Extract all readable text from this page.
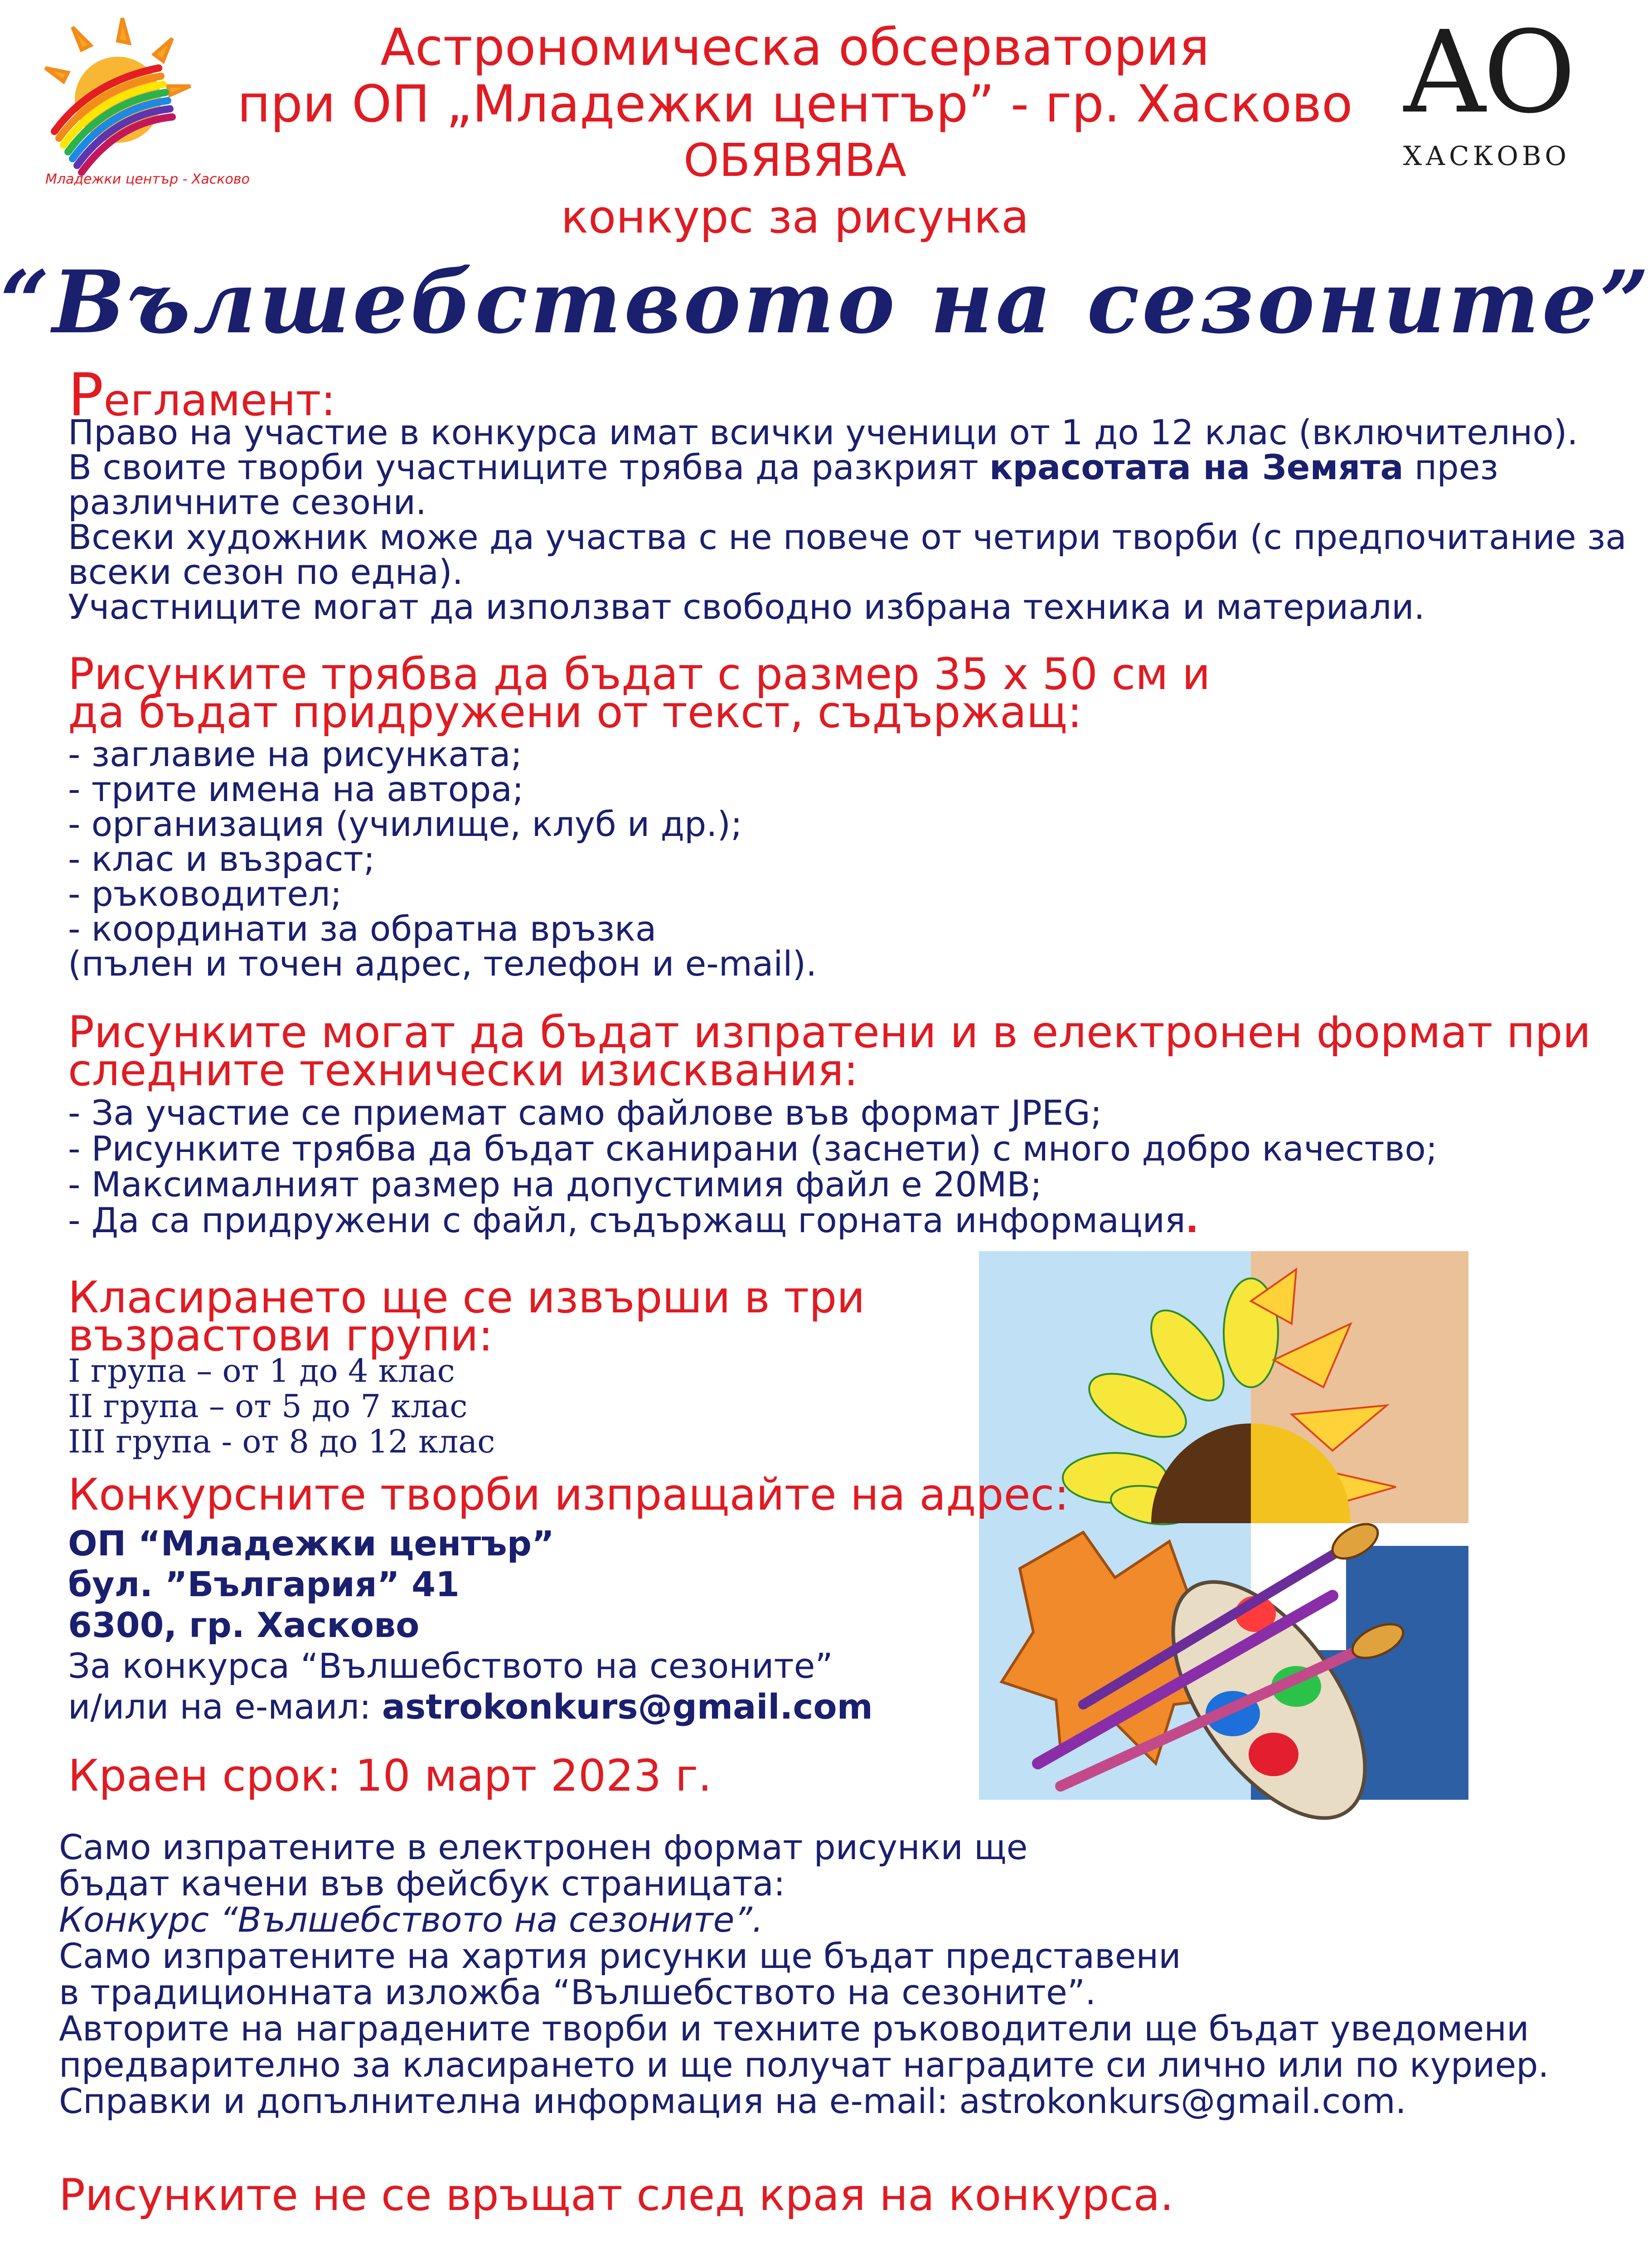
Младежки център - Хасково
АО
ХАСКОВО
Астрономическа обсерватория
при ОП „Младежки център” - гр. Хасково
ОБЯВЯВА
конкурс за рисунка
“Вълшебството на сезоните”
Регламент:

Право на участие в конкурса имат всички ученици от 1 до 12 клас (включително).

В своите творби участниците трябва да разкрият красотата на Земята през

различните сезони.

Всеки художник може да участва с не повече от четири творби (с предпочитание за

всеки сезон по една).

Участниците могат да използват свободно избрана техника и материали.

Рисунките трябва да бъдат с размер 35 х 50 см и

да бъдат придружени от текст, съдържащ:

- заглавие на рисунката;

- трите имена на автора;

- организация (училище, клуб и др.);

- клас и възраст;

- ръководител;

- координати за обратна връзка

(пълен и точен адрес, телефон и e-mail).

Рисунките могат да бъдат изпратени и в електронен формат при

следните технически изисквания:

- За участие се приемат само файлове във формат JPEG;

- Рисунките трябва да бъдат сканирани (заснети) с много добро качество;

- Максималният размер на допустимия файл е 20MB;

- Да са придружени с файл, съдържащ горната информация.

Класирането ще се извърши в три

възрастови групи:

I група – от 1 до 4 клас

II група – от 5 до 7 клас

III група - от 8 до 12 клас

Конкурсните творби изпращайте на адрес:

ОП “Младежки център”

бул. ”България” 41

6300, гр. Хасково

За конкурса “Вълшебството на сезоните”

и/или на е-маил: astrokonkurs@gmail.com

Краен срок: 10 март 2023 г.

Само изпратените в електронен формат рисунки ще

бъдат качени във фейсбук страницата:

Конкурс “Вълшебството на сезоните”.

Само изпратените на хартия рисунки ще бъдат представени

в традиционната изложба “Вълшебството на сезоните”.

Авторите на наградените творби и техните ръководители ще бъдат уведомени

предварително за класирането и ще получат наградите си лично или по куриер.

Справки и допълнителна информация на e-mail: astrokonkurs@gmail.com.

Рисунките не се връщат след края на конкурса.
